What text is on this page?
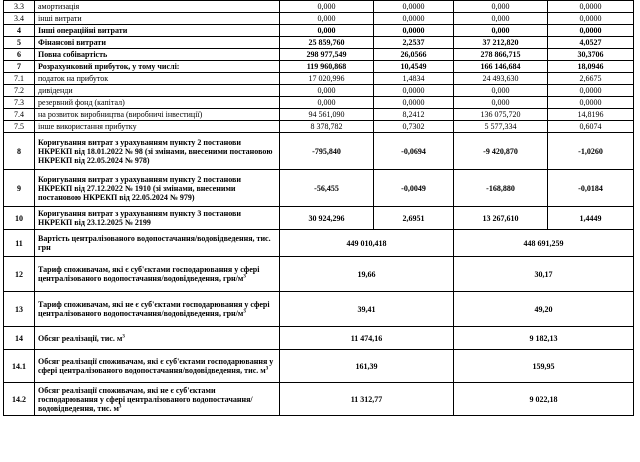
3.3	амортизація	0,000	0,0000	0,000	0,0000
3.4	інші витрати	0,000	0,0000	0,000	0,0000
4	Інші операційні витрати	0,000	0,0000	0,000	0,0000
5	Фінансові витрати	25 859,760	2,2537	37 212,820	4,0527
6	Повна собівартість	298 977,549	26,0566	278 866,715	30,3706
7	Розрахунковий прибуток, у тому числі:	119 960,868	10,4549	166 146,684	18,0946
7.1	податок на прибуток	17 020,996	1,4834	24 493,630	2,6675
7.2	дивіденди	0,000	0,0000	0,000	0,0000
7.3	резервний фонд (капітал)	0,000	0,0000	0,000	0,0000
7.4	на розвиток виробництва (виробничі інвестиції)	94 561,090	8,2412	136 075,720	14,8196
7.5	інше використання прибутку	8 378,782	0,7302	5 577,334	0,6074
8	Коригування витрат з урахуванням пункту 2 постанови НКРЕКП від 18.01.2022 № 98 (зі змінами, внесеними постановою НКРЕКП від 22.05.2024 № 978)	-795,840	-0,0694	-9 420,870	-1,0260
9	Коригування витрат з урахуванням пункту 2 постанови НКРЕКП від 27.12.2022 № 1910 (зі змінами, внесеними постановою НКРЕКП від 22.05.2024 № 979)	-56,455	-0,0049	-168,880	-0,0184
10	Коригування витрат з урахуванням пункту 3 постанови НКРЕКП від 23.12.2025 № 2199	30 924,296	2,6951	13 267,610	1,4449
11	Вартість централізованого водопостачання/водовідведення, тис. грн	449 010,418		448 691,259	
12	Тариф споживачам, які є суб'єктами господарювання у сфері централізованого водопостачання/водовідведення, грн/$м^3$	19,66		30,17	
13	Тариф споживачам, які не є суб'єктами господарювання у сфері централізованого водопостачання/водовідведення, грн/$м^3$	39,41		49,20	
14	Обсяг реалізації, тис. $м^3$	11 474,16		9 182,13	
14.1	Обсяг реалізації споживачам, які є суб'єктами господарювання у сфері централізованого водопостачання/водовідведення, тис. $м^3$	161,39		159,95	
14.2	Обсяг реалізації споживачам, які не є суб'єктами господарювання у сфері централізованого водопостачання/водовідведення, тис. $м^3$	11 312,77		9 022,18	
